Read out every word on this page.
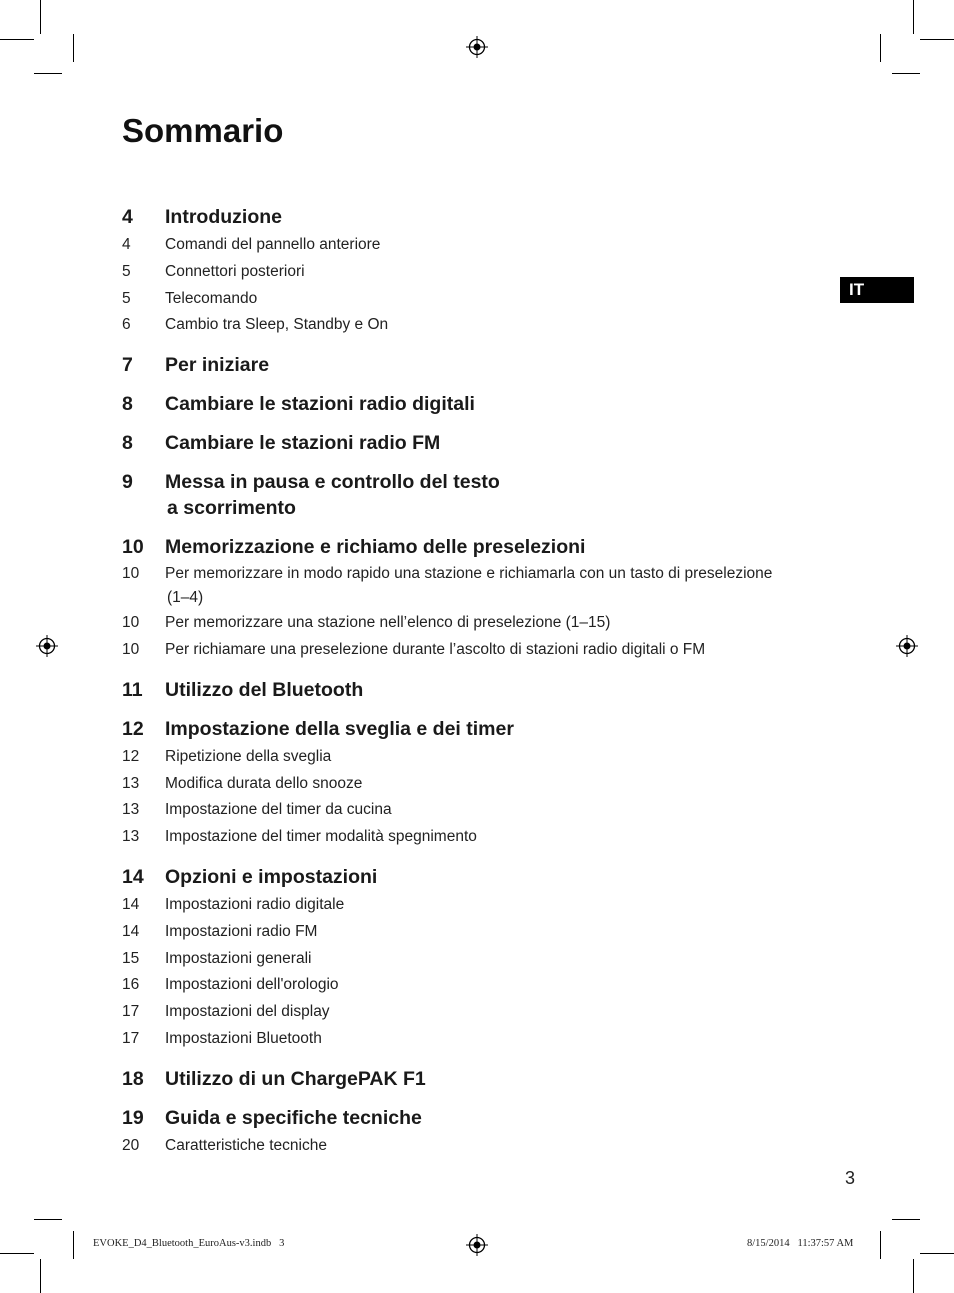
Sommario
IT
4 Introduzione
4 Comandi del pannello anteriore
5 Connettori posteriori
5 Telecomando
6 Cambio tra Sleep, Standby e On
7 Per iniziare
8 Cambiare le stazioni radio digitali
8 Cambiare le stazioni radio FM
9 Messa in pausa e controllo del testo
a scorrimento
10 Memorizzazione e richiamo delle preselezioni
10 Per memorizzare in modo rapido una stazione e richiamarla con un tasto di preselezione
(1–4)
10 Per memorizzare una stazione nell’elenco di preselezione (1–15)
10 Per richiamare una preselezione durante l’ascolto di stazioni radio digitali o FM
11 Utilizzo del Bluetooth
12 Impostazione della sveglia e dei timer
12 Ripetizione della sveglia
13 Modifica durata dello snooze
13 Impostazione del timer da cucina
13 Impostazione del timer modalità spegnimento
14 Opzioni e impostazioni
14 Impostazioni radio digitale
14 Impostazioni radio FM
15 Impostazioni generali
16 Impostazioni dell'orologio
17 Impostazioni del display
17 Impostazioni Bluetooth
18 Utilizzo di un ChargePAK F1
19 Guida e specifiche tecniche
20 Caratteristiche tecniche
3
EVOKE_D4_Bluetooth_EuroAus-v3.indb   3	8/15/2014   11:37:57 AM
